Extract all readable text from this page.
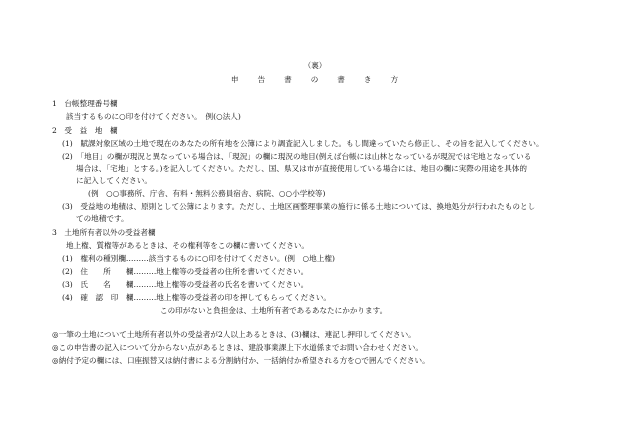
（裏）
申 告 書 の 書 き 方
1　台帳整理番号欄
該当するものに○印を付けてください。　例(○法人)
2　受　益　地　欄
(1)　賦課対象区域の土地で現在のあなたの所有地を公簿により調査記入しました。もし間違っていたら修正し、その旨を記入してください。
(2)　「地目」の欄が現況と異なっている場合は、「現況」の欄に現況の地目(例えば台帳には山林となっているが現況では宅地となっている
場合は、「宅地」とする。)を記入してください。ただし、国、県又は市が直接使用している場合には、地目の欄に実際の用途を具体的
に記入してください。
(例　○○事務所、庁舎、有料・無料公務員宿舎、病院、○○小学校等)
(3)　受益地の地積は、原則として公簿によります。ただし、土地区画整理事業の施行に係る土地については、換地処分が行われたものとし
ての地積です。
3　土地所有者以外の受益者欄
地上権、質権等があるときは、その権利等をこの欄に書いてください。
(1)　権利の種別欄………該当するものに○印を付けてください。(例　○地上権)
(2)　住　　所　　欄………地上権等の受益者の住所を書いてください。
(3)　氏　　名　　欄………地上権等の受益者の氏名を書いてください。
(4)　確　認　印　欄………地上権等の受益者の印を押してもらってください。
この印がないと負担金は、土地所有者であるあなたにかかります。
◎一筆の土地について土地所有者以外の受益者が2人以上あるときは、(3)欄は、連記し押印してください。
◎この申告書の記入について分からない点があるときは、建設事業課上下水道係までお問い合わせください。
◎納付予定の欄には、口座振替又は納付書による分割納付か、一括納付か希望される方を○で囲んでください。
